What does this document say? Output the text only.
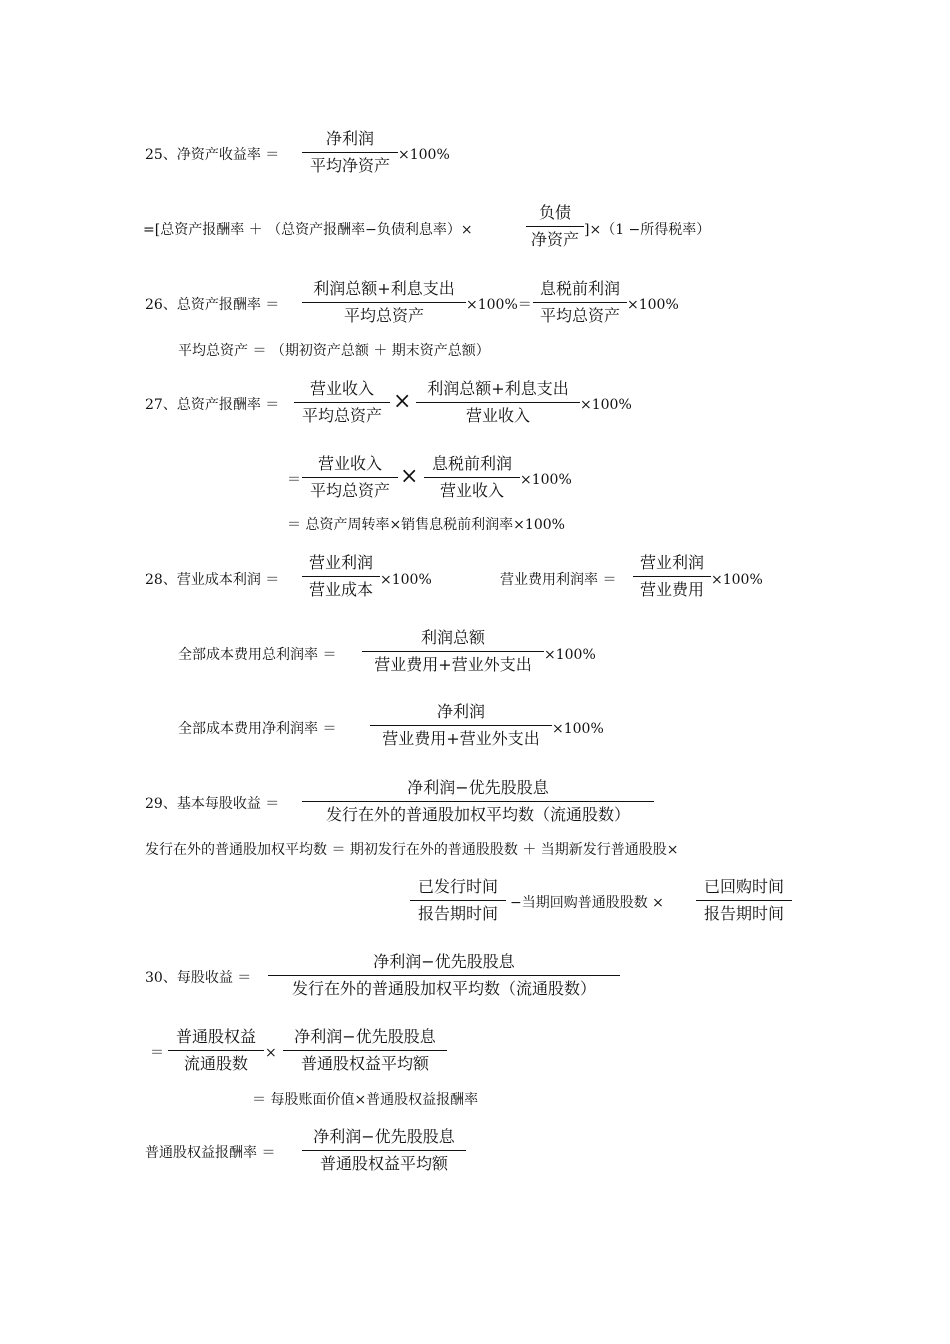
25、净资产收益率 ＝
净利润
平均净资产
×100%
=[总资产报酬率 ＋ （总资产报酬率−负债利息率）×
负债
净资产 ]×（1 −所得税率）
26、总资产报酬率 ＝
利润总额+利息支出
平均总资产
×100%＝
息税前利润
平均总资产
×100%
平均总资产 ＝ （期初资产总额 ＋ 期末资产总额）
27、总资产报酬率 ＝
营业收入
平均总资产
×
利润总额+利息支出
营业收入
×100%
＝
营业收入
平均总资产
×
息税前利润
营业收入
×100%
＝ 总资产周转率×销售息税前利润率×100%
28、营业成本利润 ＝
营业利润
营业成本 ×100%	营业费用利润率 ＝
营业利润
营业费用 ×100%
全部成本费用总利润率 ＝
利润总额
营业费用+营业外支出 ×100%
全部成本费用净利润率 ＝
净利润
营业费用+营业外支出 ×100%
29、基本每股收益 ＝
净利润−优先股股息
发行在外的普通股加权平均数（流通股数）
发行在外的普通股加权平均数 ＝ 期初发行在外的普通股股数 ＋ 当期新发行普通股股×
已发行时间
报告期时间
−当期回购普通股股数 ×
已回购时间
报告期时间
30、每股收益 ＝
净利润−优先股股息
发行在外的普通股加权平均数（流通股数）
＝
普通股权益
流通股数
×
净利润−优先股股息
普通股权益平均额
＝ 每股账面价值×普通股权益报酬率
普通股权益报酬率 ＝
净利润−优先股股息
普通股权益平均额
